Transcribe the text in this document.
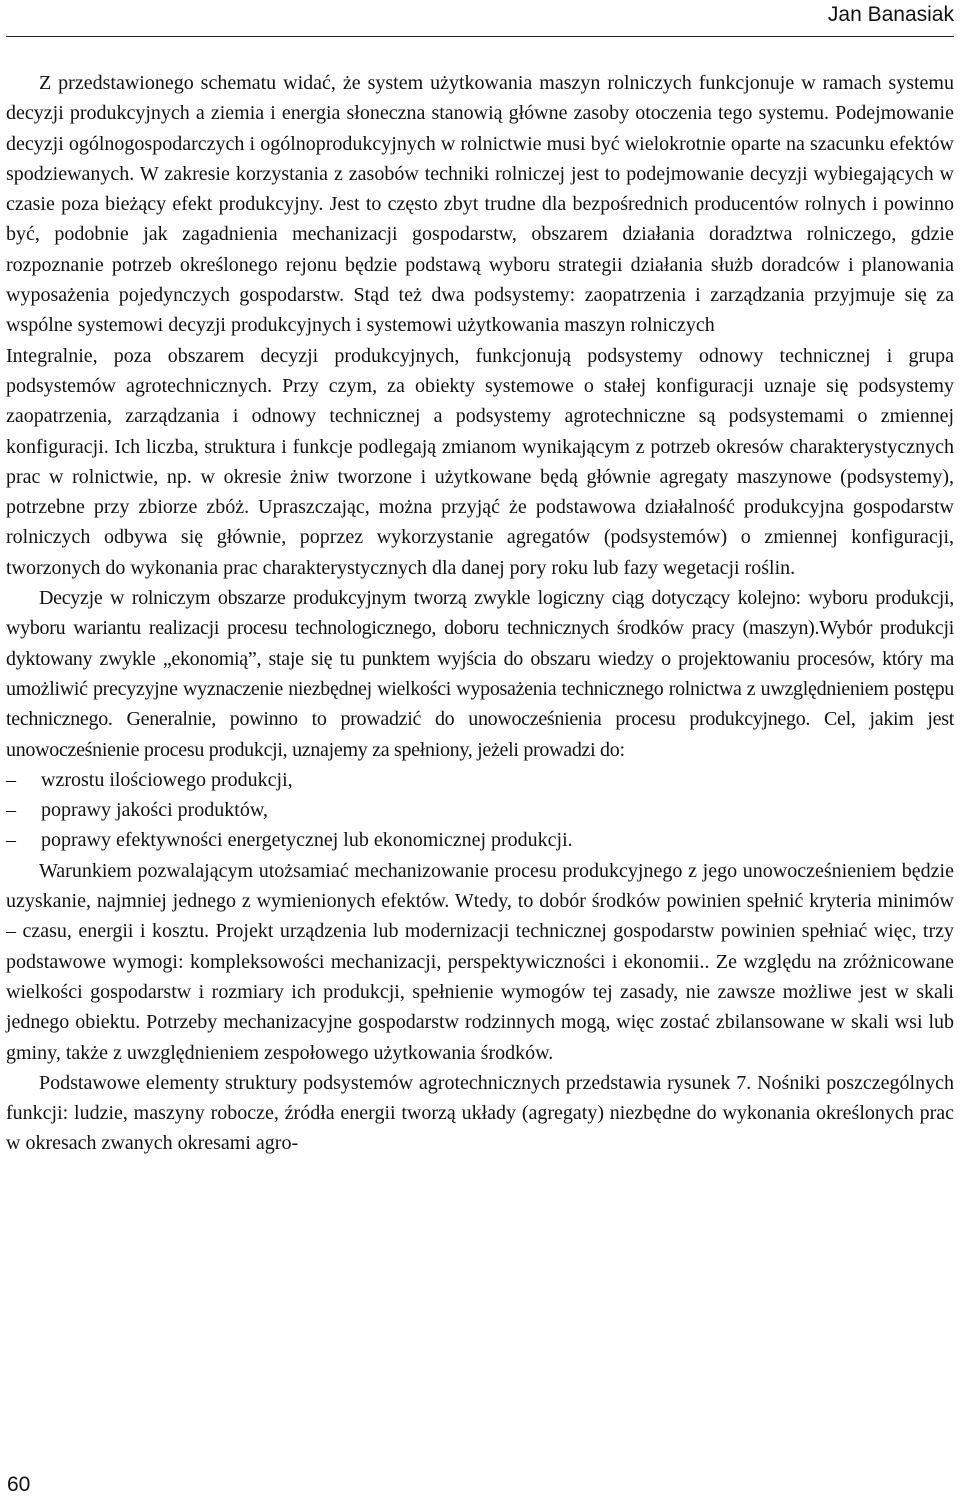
Jan Banasiak

Z przedstawionego schematu widać, że system użytkowania maszyn rolniczych funkcjonuje w ramach systemu decyzji produkcyjnych a ziemia i energia słoneczna stanowią główne zasoby otoczenia tego systemu. Podejmowanie decyzji ogólnogospodarczych i ogólnoprodukcyjnych w rolnictwie musi być wielokrotnie oparte na szacunku efektów spodziewanych. W zakresie korzystania z zasobów techniki rolniczej jest to podejmowanie decyzji wybiegających w czasie poza bieżący efekt produkcyjny. Jest to często zbyt trudne dla bezpośrednich producentów rolnych i powinno być, podobnie jak zagadnienia mechanizacji gospodarstw, obszarem działania doradztwa rolniczego, gdzie rozpoznanie potrzeb określonego rejonu będzie podstawą wyboru strategii działania służb doradców i planowania wyposażenia pojedynczych gospodarstw. Stąd też dwa podsystemy: zaopatrzenia i zarządzania przyjmuje się za wspólne systemowi decyzji produkcyjnych i systemowi użytkowania maszyn rolniczych

Integralnie, poza obszarem decyzji produkcyjnych, funkcjonują podsystemy odnowy technicznej i grupa podsystemów agrotechnicznych. Przy czym, za obiekty systemowe o stałej konfiguracji uznaje się podsystemy zaopatrzenia, zarządzania i odnowy technicznej a podsystemy agrotechniczne są podsystemami o zmiennej konfiguracji. Ich liczba, struktura i funkcje podlegają zmianom wynikającym z potrzeb okresów charakterystycznych prac w rolnictwie, np. w okresie żniw tworzone i użytkowane będą głównie agregaty maszynowe (podsystemy), potrzebne przy zbiorze zbóż. Upraszczając, można przyjąć że podstawowa działalność produkcyjna gospodarstw rolniczych odbywa się głównie, poprzez wykorzystanie agregatów (podsystemów) o zmiennej konfiguracji, tworzonych do wykonania prac charakterystycznych dla danej pory roku lub fazy wegetacji roślin.

Decyzje w rolniczym obszarze produkcyjnym tworzą zwykle logiczny ciąg dotyczący kolejno: wyboru produkcji, wyboru wariantu realizacji procesu technologicznego, doboru technicznych środków pracy (maszyn).Wybór produkcji dyktowany zwykle „ekonomią”, staje się tu punktem wyjścia do obszaru wiedzy o projektowaniu procesów, który ma umożliwić precyzyjne wyznaczenie niezbędnej wielkości wyposażenia technicznego rolnictwa z uwzględnieniem postępu technicznego. Generalnie, powinno to prowadzić do unowocześnienia procesu produkcyjnego. Cel, jakim jest unowocześnienie procesu produkcji, uznajemy za spełniony, jeżeli prowadzi do:

– wzrostu ilościowego produkcji,
– poprawy jakości produktów,
– poprawy efektywności energetycznej lub ekonomicznej produkcji.

Warunkiem pozwalającym utożsamiać mechanizowanie procesu produkcyjnego z jego unowocześnieniem będzie uzyskanie, najmniej jednego z wymienionych efektów. Wtedy, to dobór środków powinien spełnić kryteria minimów – czasu, energii i kosztu. Projekt urządzenia lub modernizacji technicznej gospodarstw powinien spełniać więc, trzy podstawowe wymogi: kompleksowości mechanizacji, perspektywiczności i ekonomii.. Ze względu na zróżnicowane wielkości gospodarstw i rozmiary ich produkcji, spełnienie wymogów tej zasady, nie zawsze możliwe jest w skali jednego obiektu. Potrzeby mechanizacyjne gospodarstw rodzinnych mogą, więc zostać zbilansowane w skali wsi lub gminy, także z uwzględnieniem zespołowego użytkowania środków.

Podstawowe elementy struktury podsystemów agrotechnicznych przedstawia rysunek 7. Nośniki poszczególnych funkcji: ludzie, maszyny robocze, źródła energii tworzą układy (agregaty) niezbędne do wykonania określonych prac w okresach zwanych okresami agro-

60
